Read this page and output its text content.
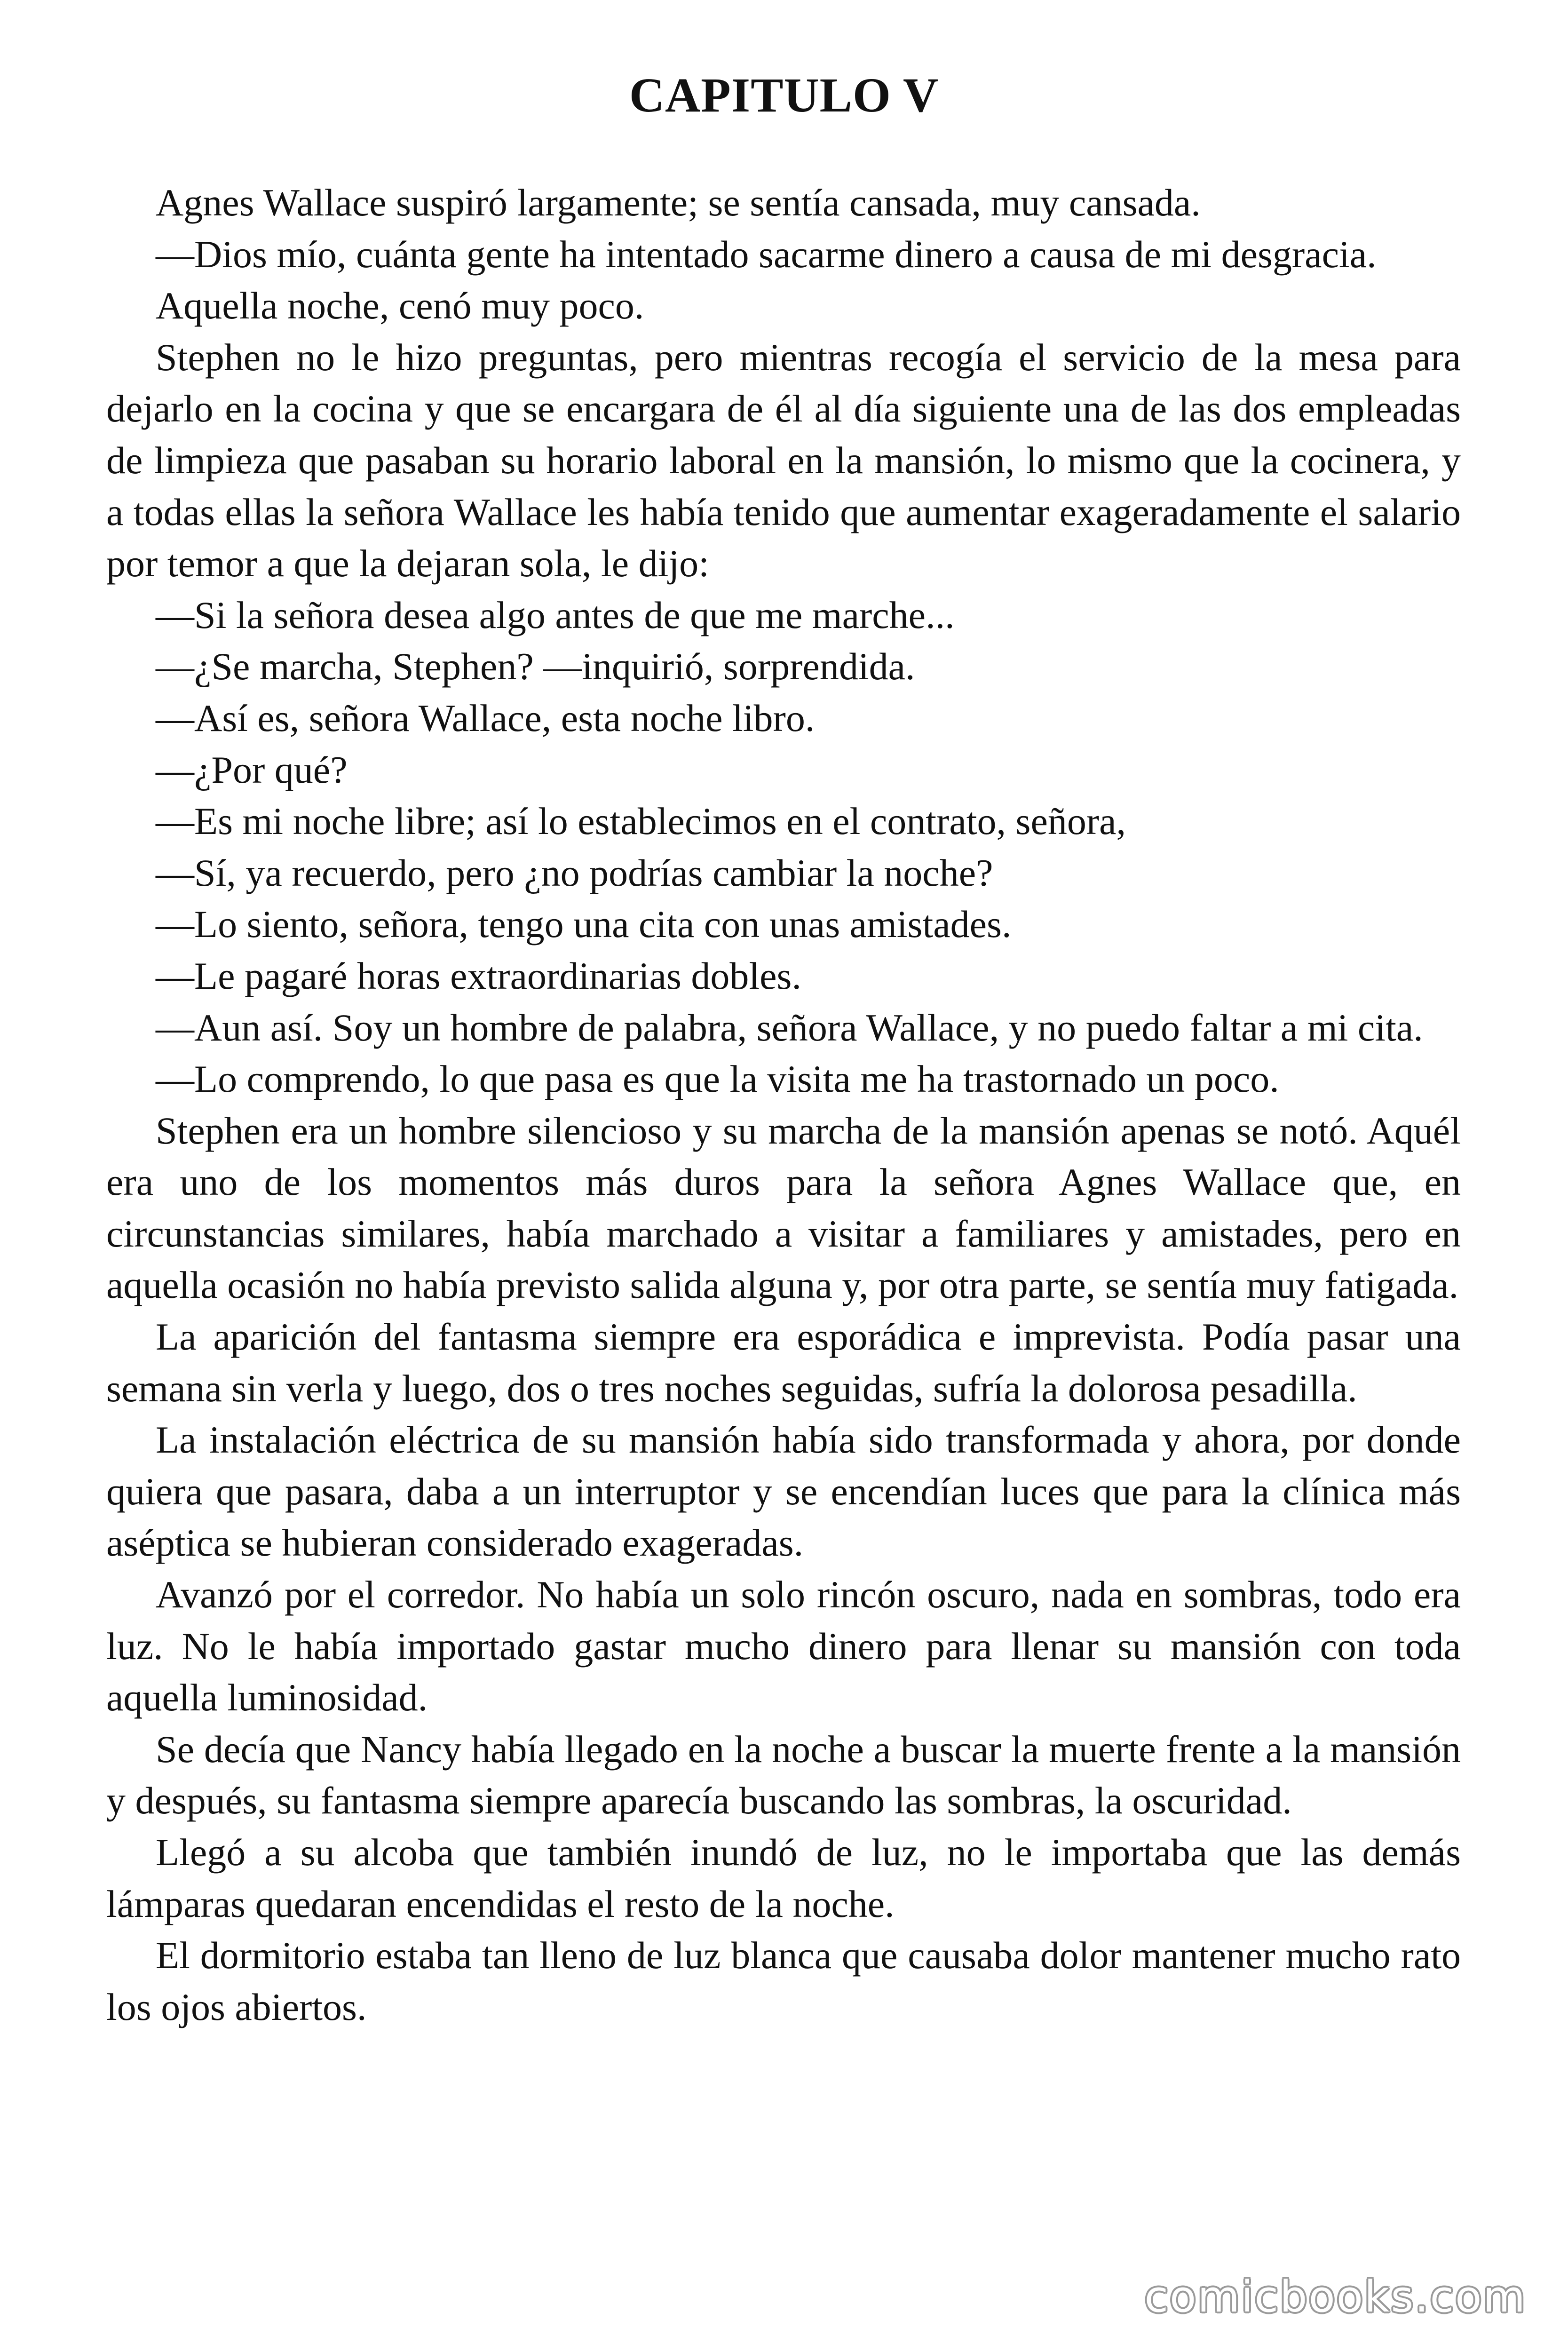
CAPITULO V

Agnes Wallace suspiró largamente; se sentía cansada, muy cansada.

—Dios mío, cuánta gente ha intentado sacarme dinero a causa de mi desgracia.

Aquella noche, cenó muy poco.

Stephen no le hizo preguntas, pero mientras recogía el servicio de la mesa para dejarlo en la cocina y que se encargara de él al día siguiente una de las dos empleadas de limpieza que pasaban su horario laboral en la mansión, lo mismo que la cocinera, y a todas ellas la señora Wallace les había tenido que aumentar exageradamente el salario por temor a que la dejaran sola, le dijo:

—Si la señora desea algo antes de que me marche...

—¿Se marcha, Stephen? —inquirió, sorprendida.

—Así es, señora Wallace, esta noche libro.

—¿Por qué?

—Es mi noche libre; así lo establecimos en el contrato, señora,

—Sí, ya recuerdo, pero ¿no podrías cambiar la noche?

—Lo siento, señora, tengo una cita con unas amistades.

—Le pagaré horas extraordinarias dobles.

—Aun así. Soy un hombre de palabra, señora Wallace, y no puedo faltar a mi cita.

—Lo comprendo, lo que pasa es que la visita me ha trastornado un poco.

Stephen era un hombre silencioso y su marcha de la mansión apenas se notó. Aquél era uno de los momentos más duros para la señora Agnes Wallace que, en circunstancias similares, había marchado a visitar a familiares y amistades, pero en aquella ocasión no había previsto salida alguna y, por otra parte, se sentía muy fatigada.

La aparición del fantasma siempre era esporádica e imprevista. Podía pasar una semana sin verla y luego, dos o tres noches seguidas, sufría la dolorosa pesadilla.

La instalación eléctrica de su mansión había sido transformada y ahora, por donde quiera que pasara, daba a un interruptor y se encendían luces que para la clínica más aséptica se hubieran considerado exageradas.

Avanzó por el corredor. No había un solo rincón oscuro, nada en sombras, todo era luz. No le había importado gastar mucho dinero para llenar su mansión con toda aquella luminosidad.

Se decía que Nancy había llegado en la noche a buscar la muerte frente a la mansión y después, su fantasma siempre aparecía buscando las sombras, la oscuridad.

Llegó a su alcoba que también inundó de luz, no le importaba que las demás lámparas quedaran encendidas el resto de la noche.

El dormitorio estaba tan lleno de luz blanca que causaba dolor mantener mucho rato los ojos abiertos.

comicbooks.com
